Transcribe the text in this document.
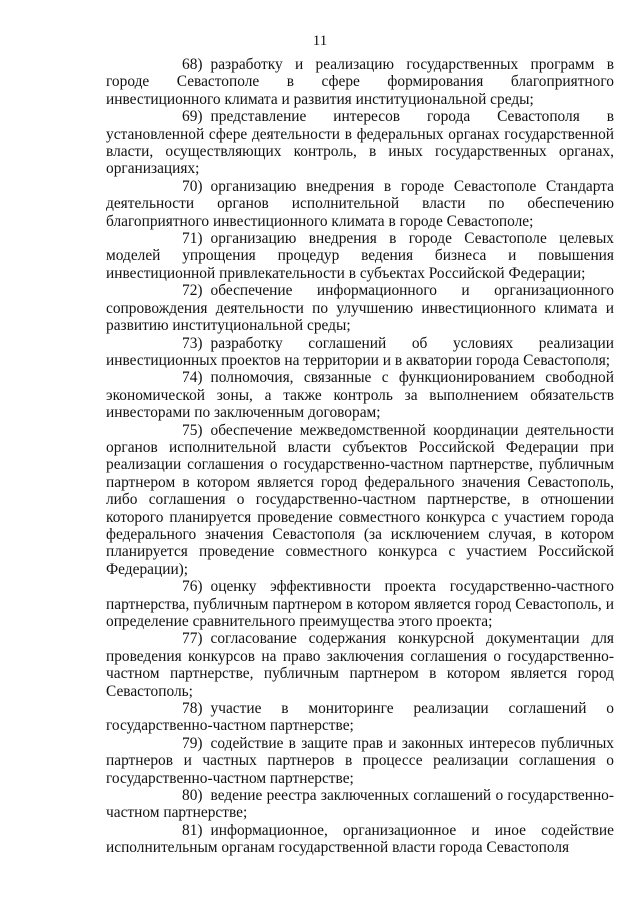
11

68) разработку и реализацию государственных программ в городе Севастополе в сфере формирования благоприятного инвестиционного климата и развития институциональной среды;

69) представление интересов города Севастополя в установленной сфере деятельности в федеральных органах государственной власти, осуществляющих контроль, в иных государственных органах, организациях;

70) организацию внедрения в городе Севастополе Стандарта деятельности органов исполнительной власти по обеспечению благоприятного инвестиционного климата в городе Севастополе;

71) организацию внедрения в городе Севастополе целевых моделей упрощения процедур ведения бизнеса и повышения инвестиционной привлекательности в субъектах Российской Федерации;

72) обеспечение информационного и организационного сопровождения деятельности по улучшению инвестиционного климата и развитию институциональной среды;

73) разработку соглашений об условиях реализации инвестиционных проектов на территории и в акватории города Севастополя;

74) полномочия, связанные с функционированием свободной экономической зоны, а также контроль за выполнением обязательств инвесторами по заключенным договорам;

75) обеспечение межведомственной координации деятельности органов исполнительной власти субъектов Российской Федерации при реализации соглашения о государственно-частном партнерстве, публичным партнером в котором является город федерального значения Севастополь, либо соглашения о государственно-частном партнерстве, в отношении которого планируется проведение совместного конкурса с участием города федерального значения Севастополя (за исключением случая, в котором планируется проведение совместного конкурса с участием Российской Федерации);

76) оценку эффективности проекта государственно-частного партнерства, публичным партнером в котором является город Севастополь, и определение сравнительного преимущества этого проекта;

77) согласование содержания конкурсной документации для проведения конкурсов на право заключения соглашения о государственно-частном партнерстве, публичным партнером в котором является город Севастополь;

78) участие в мониторинге реализации соглашений о государственно-частном партнерстве;

79) содействие в защите прав и законных интересов публичных партнеров и частных партнеров в процессе реализации соглашения о государственно-частном партнерстве;

80) ведение реестра заключенных соглашений о государственно-частном партнерстве;

81) информационное, организационное и иное содействие исполнительным органам государственной власти города Севастополя
